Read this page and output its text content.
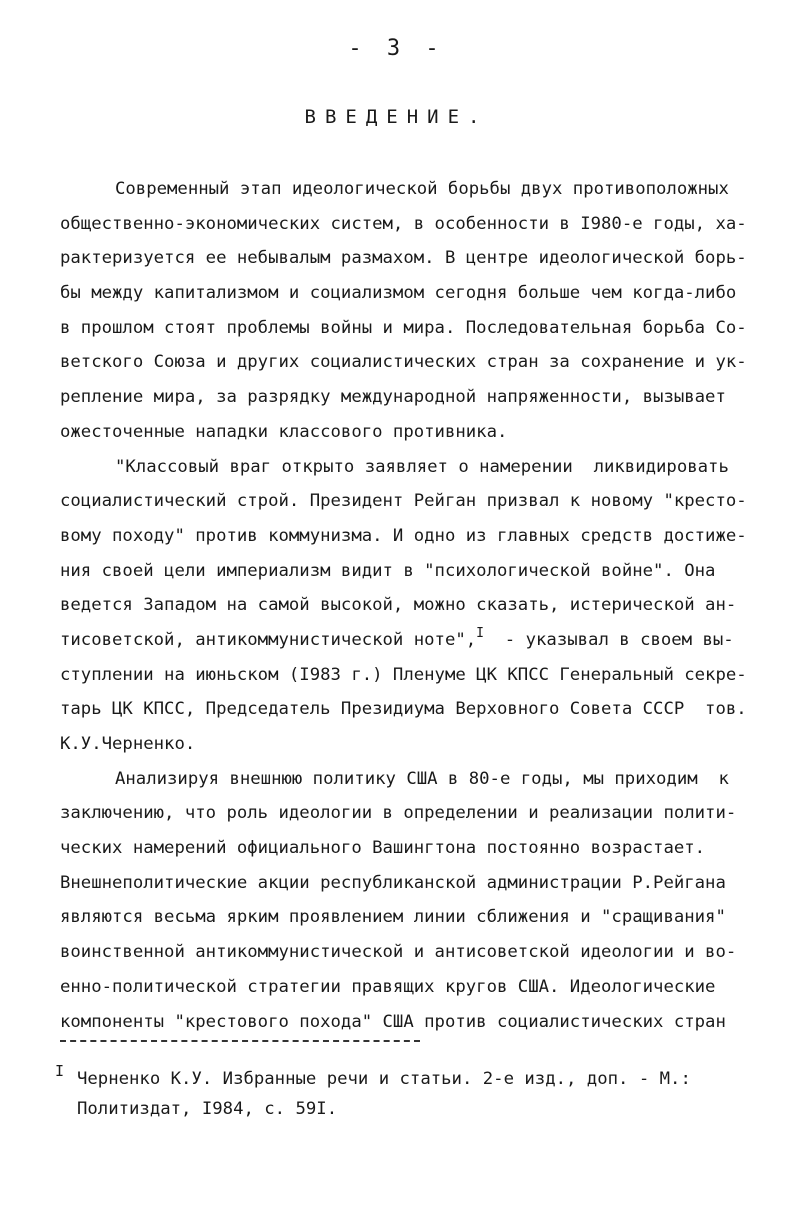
- 3 -
ВВЕДЕНИЕ.
Современный этап идеологической борьбы двух противоположных
общественно-экономических систем, в особенности в I980-е годы, ха-
рактеризуется ее небывалым размахом. В центре идеологической борь-
бы между капитализмом и социализмом сегодня больше чем когда-либо
в прошлом стоят проблемы войны и мира. Последовательная борьба Со-
ветского Союза и других социалистических стран за сохранение и ук-
репление мира, за разрядку международной напряженности, вызывает
ожесточенные нападки классового противника.
"Классовый враг открыто заявляет о намерении  ликвидировать
социалистический строй. Президент Рейган призвал к новому "кресто-
вому походу" против коммунизма. И одно из главных средств достиже-
ния своей цели империализм видит в "психологической войне". Она
ведется Западом на самой высокой, можно сказать, истерической ан-
тисоветской, антикоммунистической ноте",$^I$  - указывал в своем вы-
ступлении на июньском (I983 г.) Пленуме ЦК КПСС Генеральный секре-
тарь ЦК КПСС, Председатель Президиума Верховного Совета СССР  тов.
К.У.Черненко.
Анализируя внешнюю политику США в 80-е годы, мы приходим  к
заключению, что роль идеологии в определении и реализации полити-
ческих намерений официального Вашингтона постоянно возрастает.
Внешнеполитические акции республиканской администрации Р.Рейгана
являются весьма ярким проявлением линии сближения и "сращивания"
воинственной антикоммунистической и антисоветской идеологии и во-
енно-политической стратегии правящих кругов США. Идеологические
компоненты "крестового похода" США против социалистических стран
I Черненко К.У. Избранные речи и статьи. 2-е изд., доп. - М.:
Политиздат, I984, с. 59I.
